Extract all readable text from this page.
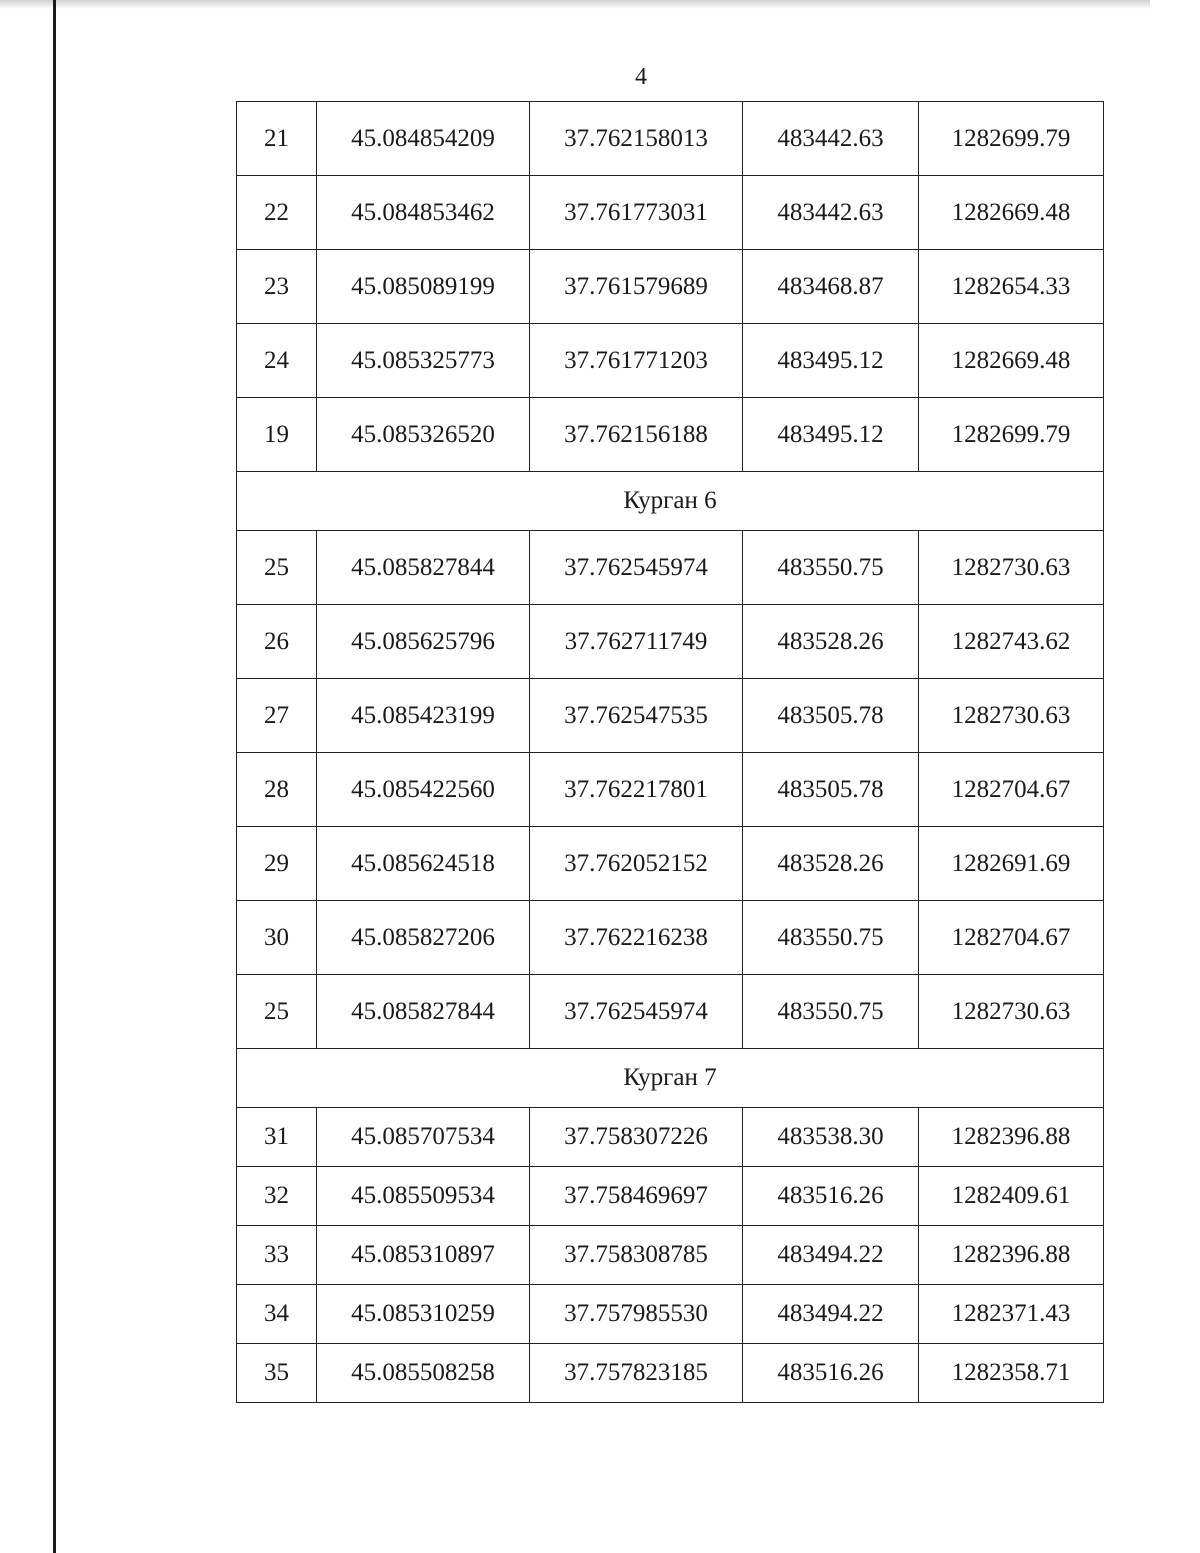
4
21	45.084854209	37.762158013	483442.63	1282699.79
22	45.084853462	37.761773031	483442.63	1282669.48
23	45.085089199	37.761579689	483468.87	1282654.33
24	45.085325773	37.761771203	483495.12	1282669.48
19	45.085326520	37.762156188	483495.12	1282699.79
Курган 6				
25	45.085827844	37.762545974	483550.75	1282730.63
26	45.085625796	37.762711749	483528.26	1282743.62
27	45.085423199	37.762547535	483505.78	1282730.63
28	45.085422560	37.762217801	483505.78	1282704.67
29	45.085624518	37.762052152	483528.26	1282691.69
30	45.085827206	37.762216238	483550.75	1282704.67
25	45.085827844	37.762545974	483550.75	1282730.63
Курган 7				
31	45.085707534	37.758307226	483538.30	1282396.88
32	45.085509534	37.758469697	483516.26	1282409.61
33	45.085310897	37.758308785	483494.22	1282396.88
34	45.085310259	37.757985530	483494.22	1282371.43
35	45.085508258	37.757823185	483516.26	1282358.71
